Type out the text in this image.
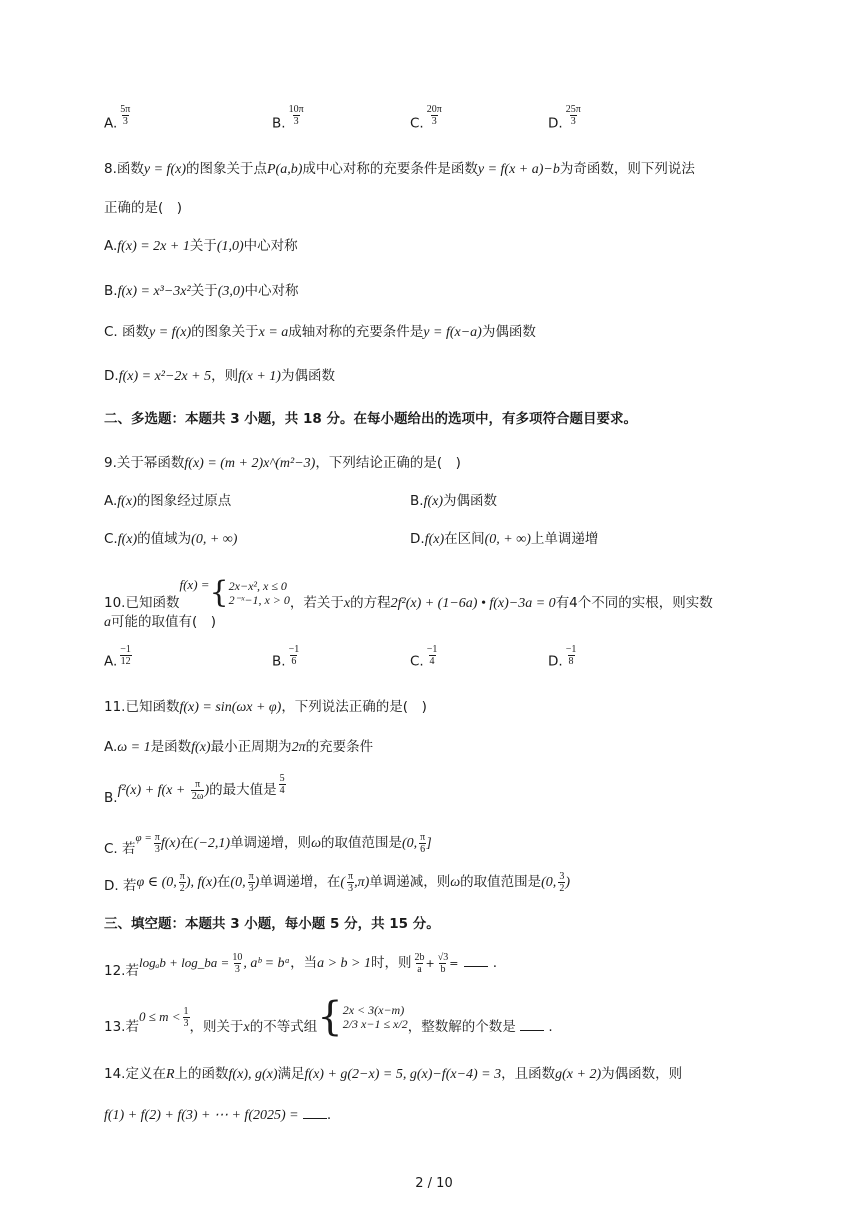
A. $\frac{5\pi}{3}$	B. $\frac{10\pi}{3}$	C. $\frac{20\pi}{3}$	D. $\frac{25\pi}{3}$
8.函数y = f(x)的图象关于点P(a,b)成中心对称的充要条件是函数y = f(x + a)−b为奇函数，则下列说法
正确的是(　)
A.f(x) = 2x + 1关于(1,0)中心对称
B.f(x) = x³−3x²关于(3,0)中心对称
C. 函数y = f(x)的图象关于x = a成轴对称的充要条件是y = f(x−a)为偶函数
D.f(x) = x²−2x + 5，则f(x + 1)为偶函数
二、多选题：本题共 3 小题，共 18 分。在每小题给出的选项中，有多项符合题目要求。
9.关于幂函数f(x) = (m + 2)x^(m²−3)，下列结论正确的是(　)
A.f(x)的图象经过原点	B.f(x)为偶函数
C.f(x)的值域为(0, + ∞)	D.f(x)在区间(0, + ∞)上单调递增
10.已知函数f(x) ={ 2x−x², x ≤ 0
2⁻ˣ−1, x > 0 ，若关于x的方程2f²(x) + (1−6a) • f(x)−3a = 0有4个不同的实根，则实数
a可能的取值有(　)
A. $\frac{-1}{12}$	B. $\frac{-1}{6}$	C. $\frac{-1}{4}$	D. $\frac{-1}{8}$
11.已知函数f(x) = sin(ωx + φ)，下列说法正确的是(　)
A.ω = 1是函数f(x)最小正周期为2π的充要条件
$B.f^2(x) + f(x + \frac{\pi}{2\omega}$ )的最大值是 $\frac{5}{4}$
C. 若$^{\varphi =} \frac{\pi}{3} f(x)$在(−2,1)单调递增，则ω的取值范围是(0, $\frac{\pi}{6}$ ]
D. 若φ ∈ (0, $\frac{\pi}{2}$ ), f(x)在(0, $\frac{\pi}{3}$ )单调递增，在( $\frac{\pi}{3} ,\pi$)单调递减，则ω的取值范围是(0, $\frac{3}{2}$ )
三、填空题：本题共 3 小题，每小题 5 分，共 15 分。
12.若logₐb + log_ba = $\frac{10}{3}$ , aᵇ = bᵃ，当a > b > 1时，则 $\frac{2b}{a} + \frac{√3}{b}$ =	.
13.若$0 \le m < \frac{1}{3}$ ，则关于x的不等式组{ 2x < 3(x−m)
2/3 x−1 ≤ x/2 ，整数解的个数是 .
14.定义在R上的函数f(x), g(x)满足f(x) + g(2−x) = 5, g(x)−f(x−4) = 3，且函数g(x + 2)为偶函数，则
f(1) + f(2) + f(3) + ⋯ + f(2025) = .
2 / 10
